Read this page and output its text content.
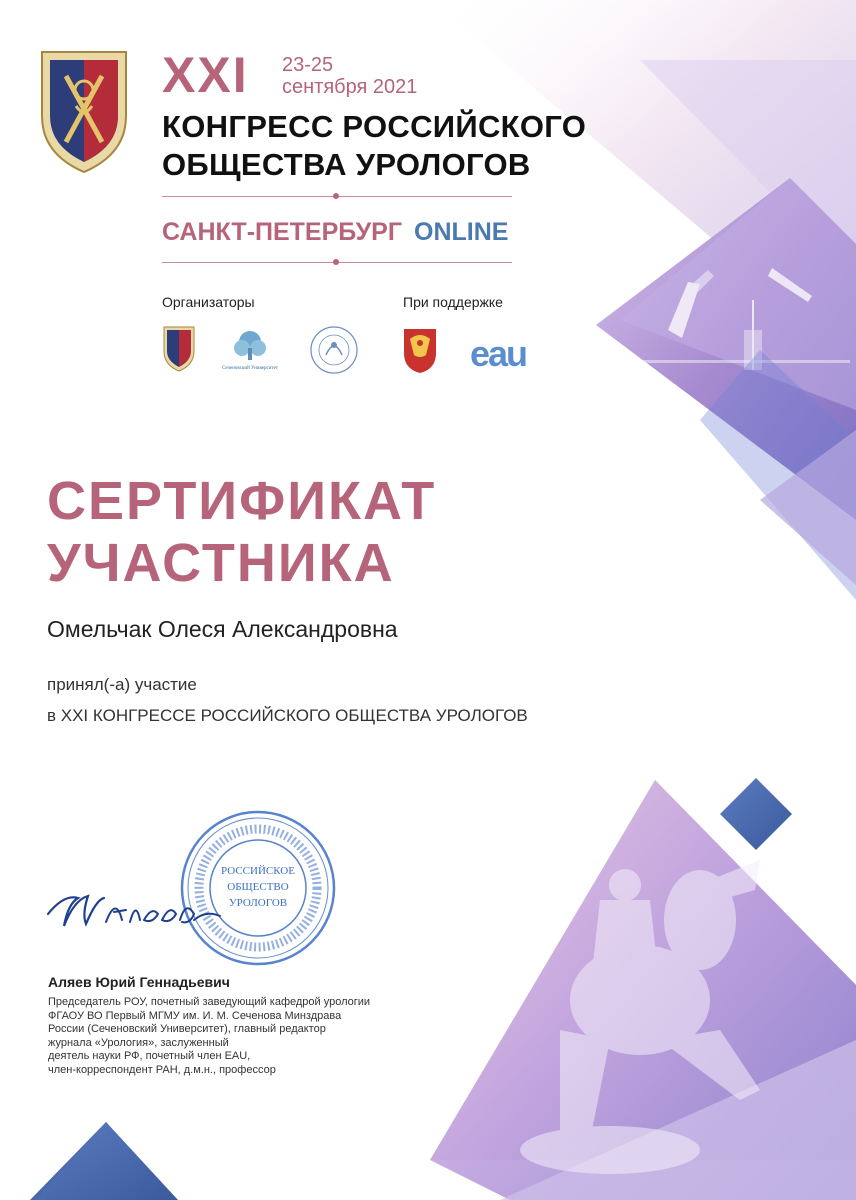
XXI 23-25
сентября 2021
КОНГРЕСС РОССИЙСКОГО
ОБЩЕСТВА УРОЛОГОВ
САНКТ-ПЕТЕРБУРГ ONLINE
Организаторы	При поддержке
Сеченовский Университет	eau
СЕРТИФИКАТ
УЧАСТНИКА
Омельчак Олеся Александровна
принял(-а) участие
в XXI КОНГРЕССЕ РОССИЙСКОГО ОБЩЕСТВА УРОЛОГОВ
РОССИЙСКОЕ
ОБЩЕСТВО
УРОЛОГОВ
Аляев Юрий Геннадьевич
Председатель РОУ, почетный заведующий кафедрой урологии
ФГАОУ ВО Первый МГМУ им. И. М. Сеченова Минздрава
России (Сеченовский Университет), главный редактор
журнала «Урология», заслуженный
деятель науки РФ, почетный член EAU,
член-корреспондент РАН, д.м.н., профессор
